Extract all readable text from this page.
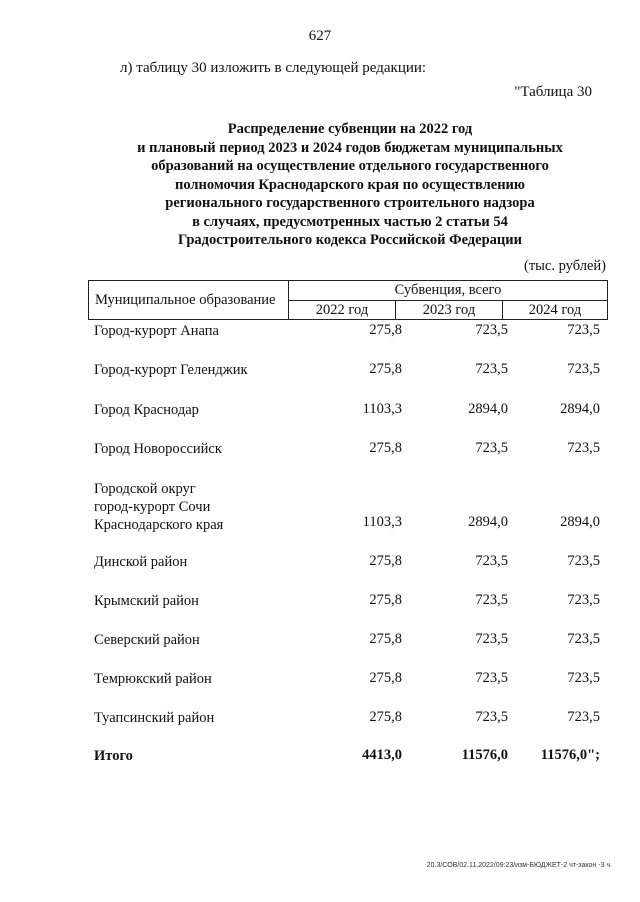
627
л) таблицу 30 изложить в следующей редакции:
"Таблица 30
Распределение субвенции на 2022 год
и плановый период 2023 и 2024 годов бюджетам муниципальных
образований на осуществление отдельного государственного
полномочия Краснодарского края по осуществлению
регионального государственного строительного надзора
в случаях, предусмотренных частью 2 статьи 54
Градостроительного кодекса Российской Федерации
(тыс. рублей)
Муниципальное образование
Субвенция, всего
2022 год	2023 год	2024 год
Город-курорт Анапа	275,8	723,5	723,5
Город-курорт Геленджик	275,8	723,5	723,5
Город Краснодар	1103,3	2894,0	2894,0
Город Новороссийск	275,8	723,5	723,5
Городской округ
город-курорт Сочи
Краснодарского края	1103,3	2894,0	2894,0
Динской район	275,8	723,5	723,5
Крымский район	275,8	723,5	723,5
Северский район	275,8	723,5	723,5
Темрюкский район	275,8	723,5	723,5
Туапсинский район	275,8	723,5	723,5
Итого	4413,0	11576,0	11576,0";
20.3/СОВ/02.11.2022/09:23/изм-БЮДЖЕТ-2 чт-закон -3 ч.
